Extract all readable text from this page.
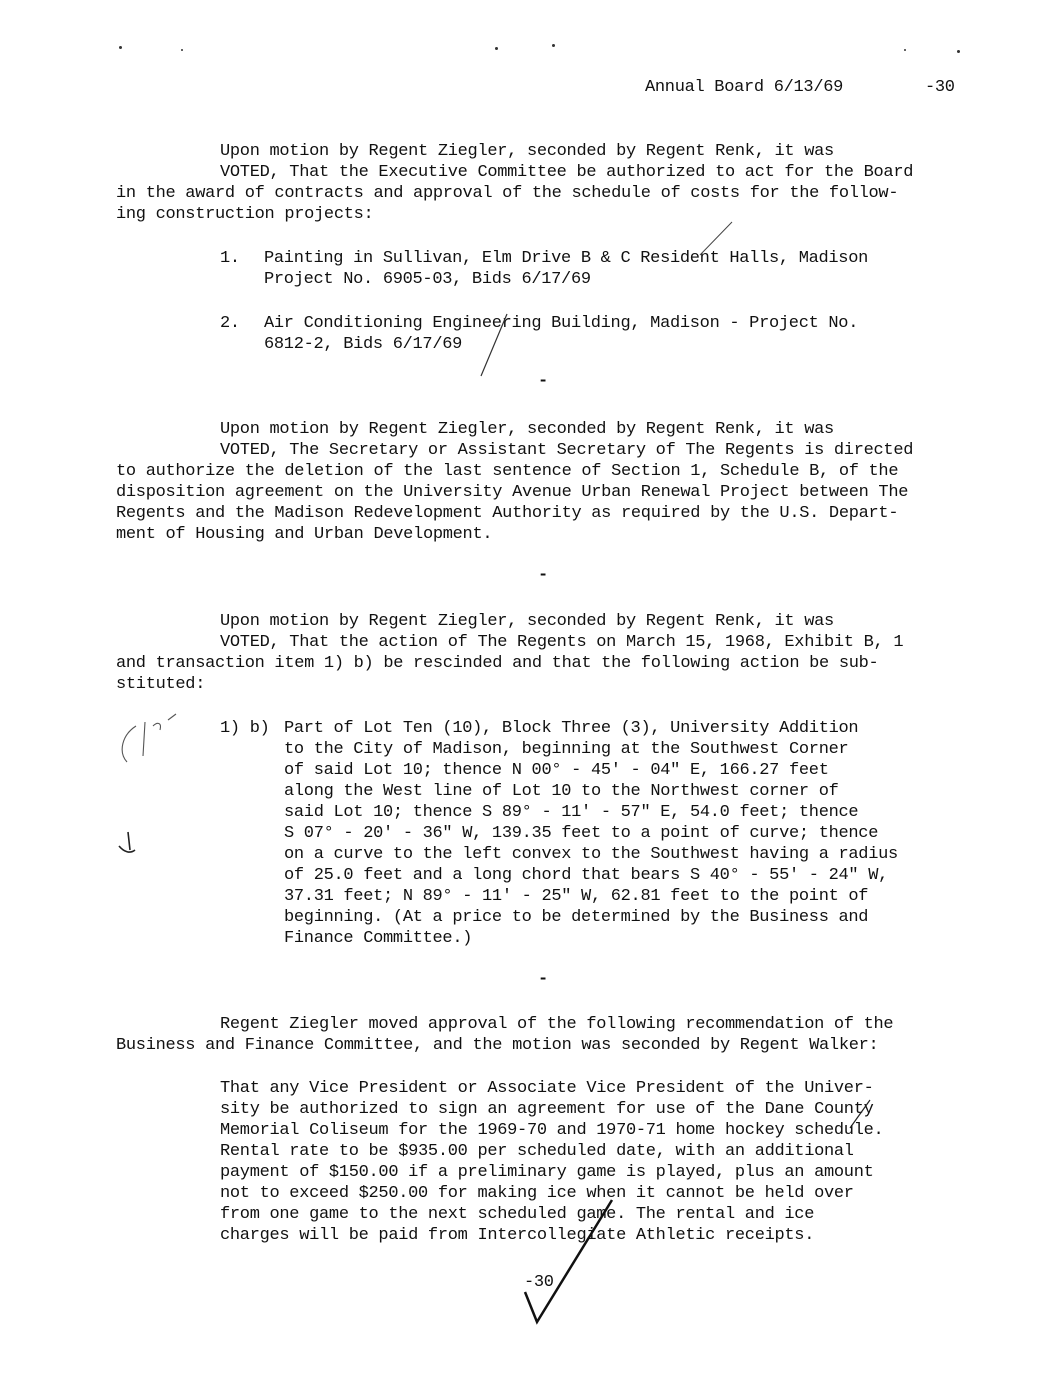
Annual Board 6/13/69	-30
Upon motion by Regent Ziegler, seconded by Regent Renk, it was
VOTED, That the Executive Committee be authorized to act for the Board
in the award of contracts and approval of the schedule of costs for the follow-
ing construction projects:
1. Painting in Sullivan, Elm Drive B & C Resident Halls, Madison
Project No. 6905-03, Bids 6/17/69
2. Air Conditioning Engineering Building, Madison - Project No.
6812-2, Bids 6/17/69
-
Upon motion by Regent Ziegler, seconded by Regent Renk, it was
VOTED, The Secretary or Assistant Secretary of The Regents is directed
to authorize the deletion of the last sentence of Section 1, Schedule B, of the
disposition agreement on the University Avenue Urban Renewal Project between The
Regents and the Madison Redevelopment Authority as required by the U.S. Depart-
ment of Housing and Urban Development.
-
Upon motion by Regent Ziegler, seconded by Regent Renk, it was
VOTED, That the action of The Regents on March 15, 1968, Exhibit B, 1
and transaction item 1) b) be rescinded and that the following action be sub-
stituted:
1) b) Part of Lot Ten (10), Block Three (3), University Addition
to the City of Madison, beginning at the Southwest Corner
of said Lot 10; thence N 00° - 45' - 04" E, 166.27 feet
along the West line of Lot 10 to the Northwest corner of
said Lot 10; thence S 89° - 11' - 57" E, 54.0 feet; thence
S 07° - 20' - 36" W, 139.35 feet to a point of curve; thence
on a curve to the left convex to the Southwest having a radius
of 25.0 feet and a long chord that bears S 40° - 55' - 24" W,
37.31 feet; N 89° - 11' - 25" W, 62.81 feet to the point of
beginning. (At a price to be determined by the Business and
Finance Committee.)
-
Regent Ziegler moved approval of the following recommendation of the
Business and Finance Committee, and the motion was seconded by Regent Walker:
That any Vice President or Associate Vice President of the Univer-
sity be authorized to sign an agreement for use of the Dane County
Memorial Coliseum for the 1969-70 and 1970-71 home hockey schedule.
Rental rate to be $935.00 per scheduled date, with an additional
payment of $150.00 if a preliminary game is played, plus an amount
not to exceed $250.00 for making ice when it cannot be held over
from one game to the next scheduled game. The rental and ice
charges will be paid from Intercollegiate Athletic receipts.
-30
